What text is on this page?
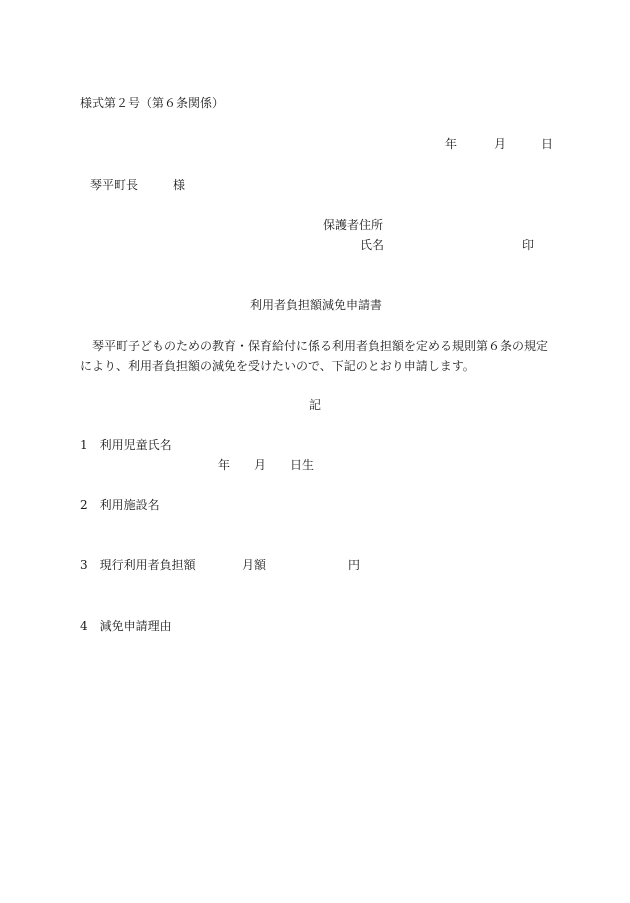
様式第２号（第６条関係）
年	月	日
琴平町長	様
保護者住所
氏名	印
利用者負担額減免申請書
琴平町子どものための教育・保育給付に係る利用者負担額を定める規則第６条の規定により、利用者負担額の減免を受けたいので、下記のとおり申請します。
記
1　利用児童氏名
年 月 日生
2　利用施設名
3　現行利用者負担額	月額	円
4　減免申請理由
